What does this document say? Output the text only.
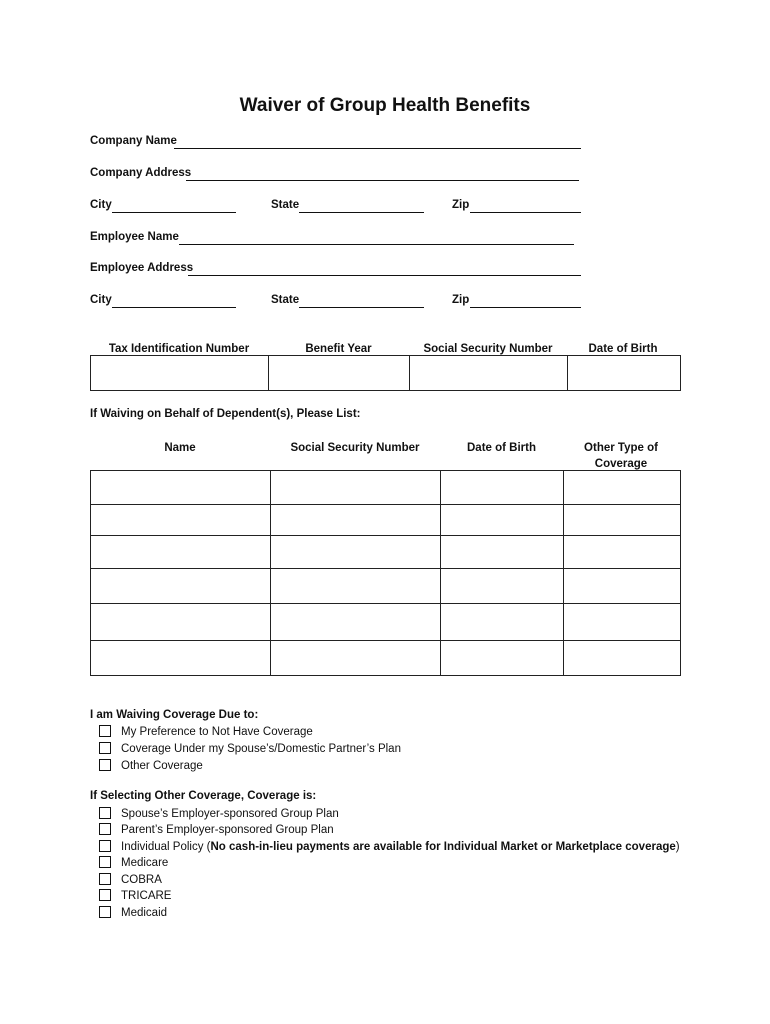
Waiver of Group Health Benefits
Company Name
Company Address
City	State	Zip
Employee Name
Employee Address
City	State	Zip
Tax Identification Number	Benefit Year	Social Security Number	Date of Birth

If Waiving on Behalf of Dependent(s), Please List:
Name	Social Security Number	Date of Birth	Other Type of Coverage

I am Waiving Coverage Due to:
My Preference to Not Have Coverage
Coverage Under my Spouse’s/Domestic Partner’s Plan
Other Coverage
If Selecting Other Coverage, Coverage is:
Spouse’s Employer-sponsored Group Plan
Parent’s Employer-sponsored Group Plan
Individual Policy (No cash-in-lieu payments are available for Individual Market or Marketplace coverage)
Medicare
COBRA
TRICARE
Medicaid
